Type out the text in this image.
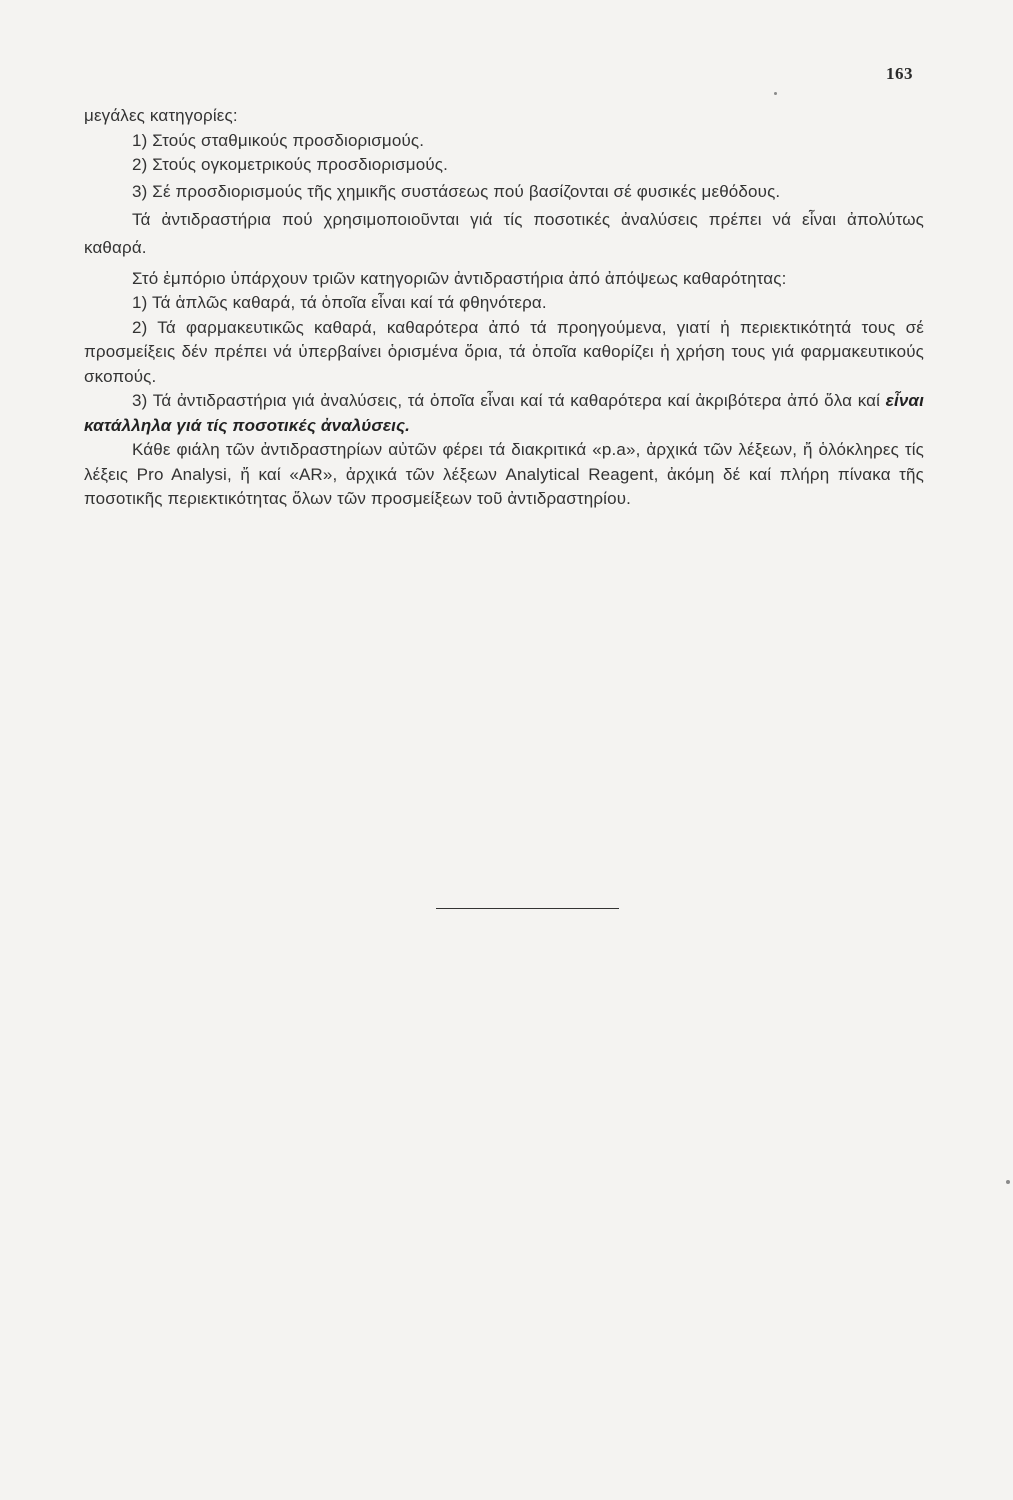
163

μεγάλες κατηγορίες:

1) Στούς σταθμικούς προσδιορισμούς.

2) Στούς ογκομετρικούς προσδιορισμούς.

3) Σέ προσδιορισμούς τῆς χημικῆς συστάσεως πού βασίζονται σέ φυσικές μεθόδους.

Τά ἀντιδραστήρια πού χρησιμοποιοῦνται γιά τίς ποσοτικές ἀναλύσεις πρέπει νά εἶναι ἀπολύτως καθαρά.

Στό ἐμπόριο ὑπάρχουν τριῶν κατηγοριῶν ἀντιδραστήρια ἀπό ἀπόψεως καθαρότητας:

1) Τά ἁπλῶς καθαρά, τά ὁποῖα εἶναι καί τά φθηνότερα.

2) Τά φαρμακευτικῶς καθαρά, καθαρότερα ἀπό τά προηγούμενα, γιατί ἡ περιεκτικότητά τους σέ προσμείξεις δέν πρέπει νά ὑπερβαίνει ὁρισμένα ὅρια, τά ὁποῖα καθορίζει ἡ χρήση τους γιά φαρμακευτικούς σκοπούς.

3) Τά ἀντιδραστήρια γιά ἀναλύσεις, τά ὁποῖα εἶναι καί τά καθαρότερα καί ἀκριβότερα ἀπό ὅλα καί εἶναι κατάλληλα γιά τίς ποσοτικές ἀναλύσεις.

Κάθε φιάλη τῶν ἀντιδραστηρίων αὐτῶν φέρει τά διακριτικά «p.a», ἀρχικά τῶν λέξεων, ἤ ὁλόκληρες τίς λέξεις Pro Analysi, ἤ καί «AR», ἀρχικά τῶν λέξεων Analytical Reagent, ἀκόμη δέ καί πλήρη πίνακα τῆς ποσοτικῆς περιεκτικότητας ὅλων τῶν προσμείξεων τοῦ ἀντιδραστηρίου.
